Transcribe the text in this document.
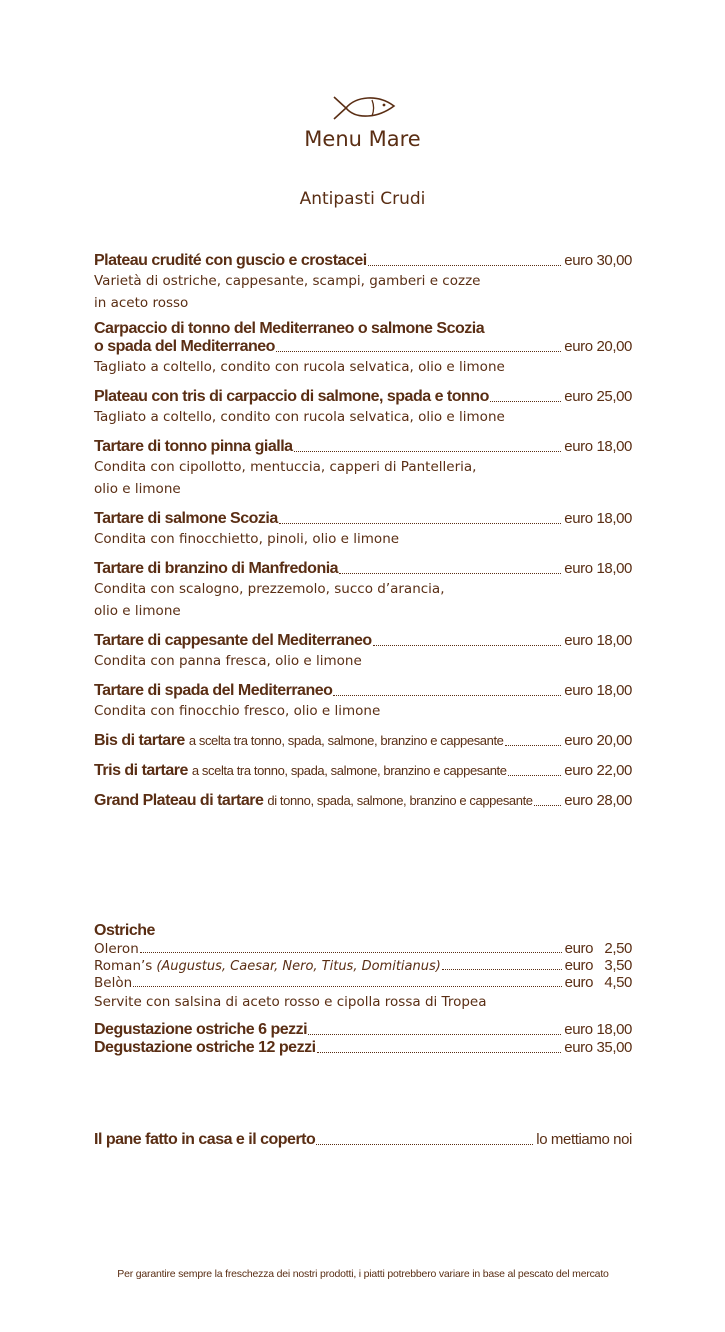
Menu Mare
Antipasti Crudi
Plateau crudité con guscio e crostacei	euro 30,00
Varietà di ostriche, cappesante, scampi, gamberi e cozze
in aceto rosso
Carpaccio di tonno del Mediterraneo o salmone Scozia
o spada del Mediterraneo	euro 20,00
Tagliato a coltello, condito con rucola selvatica, olio e limone
Plateau con tris di carpaccio di salmone, spada e tonno	euro 25,00
Tagliato a coltello, condito con rucola selvatica, olio e limone
Tartare di tonno pinna gialla	euro 18,00
Condita con cipollotto, mentuccia, capperi di Pantelleria,
olio e limone
Tartare di salmone Scozia	euro 18,00
Condita con finocchietto, pinoli, olio e limone
Tartare di branzino di Manfredonia	euro 18,00
Condita con scalogno, prezzemolo, succo d’arancia,
olio e limone
Tartare di cappesante del Mediterraneo	euro 18,00
Condita con panna fresca, olio e limone
Tartare di spada del Mediterraneo	euro 18,00
Condita con finocchio fresco, olio e limone
Bis di tartare a scelta tra tonno, spada, salmone, branzino e cappesante	euro 20,00
Tris di tartare a scelta tra tonno, spada, salmone, branzino e cappesante	euro 22,00
Grand Plateau di tartare di tonno, spada, salmone, branzino e cappesante euro 28,00
Ostriche
Oleron	euro   2,50
Roman’s (Augustus, Caesar, Nero, Titus, Domitianus)	euro   3,50
Belòn	euro   4,50
Servite con salsina di aceto rosso e cipolla rossa di Tropea
Degustazione ostriche 6 pezzi	euro 18,00
Degustazione ostriche 12 pezzi	euro 35,00
Il pane fatto in casa e il coperto	lo mettiamo noi
Per garantire sempre la freschezza dei nostri prodotti, i piatti potrebbero variare in base al pescato del mercato
